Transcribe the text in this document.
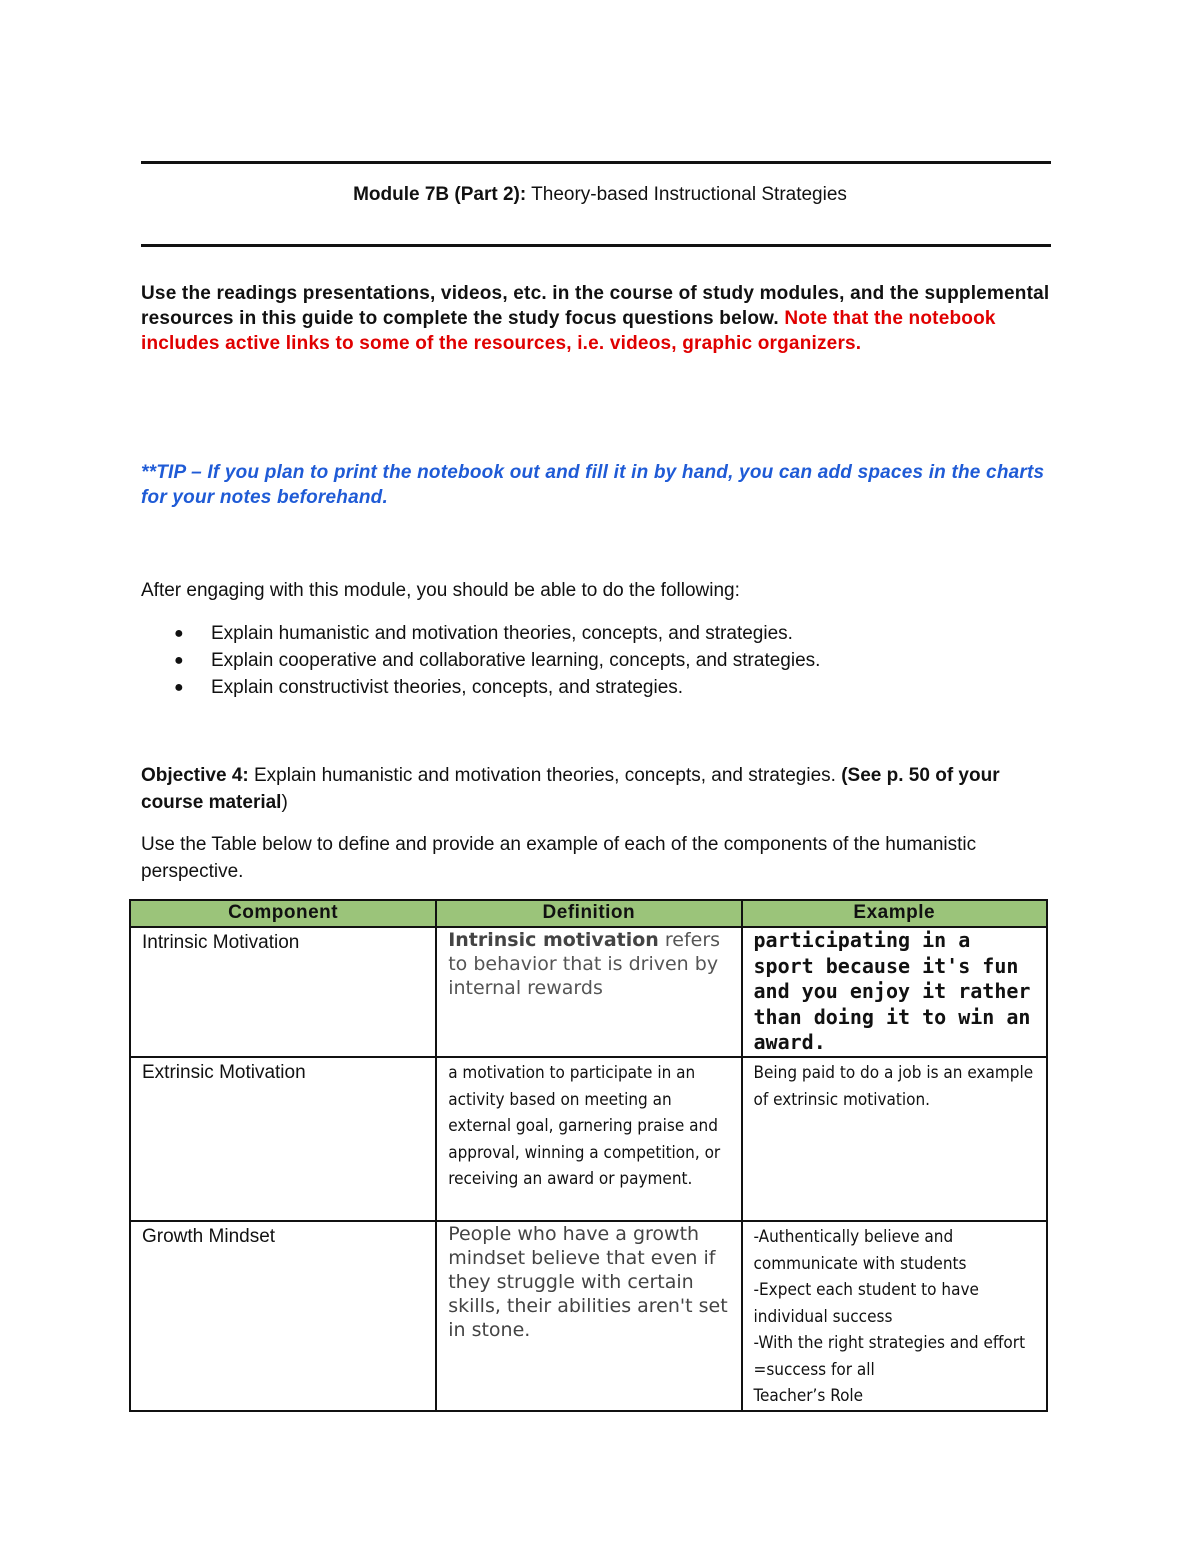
Module 7B (Part 2): Theory-based Instructional Strategies
Use the readings presentations, videos, etc. in the course of study modules, and the supplemental resources in this guide to complete the study focus questions below. Note that the notebook includes active links to some of the resources, i.e. videos, graphic organizers.
**TIP – If you plan to print the notebook out and fill it in by hand, you can add spaces in the charts for your notes beforehand.
After engaging with this module, you should be able to do the following:
● Explain humanistic and motivation theories, concepts, and strategies.
● Explain cooperative and collaborative learning, concepts, and strategies.
● Explain constructivist theories, concepts, and strategies.
Objective 4: Explain humanistic and motivation theories, concepts, and strategies. (See p. 50 of your course material)
Use the Table below to define and provide an example of each of the components of the humanistic perspective.
Component	Definition	Example
Intrinsic Motivation	Intrinsic motivation refers to behavior that is driven by internal rewards	participating in a sport because it's fun and you enjoy it rather than doing it to win an award.
Extrinsic Motivation	a motivation to participate in an activity based on meeting an external goal, garnering praise and approval, winning a competition, or receiving an award or payment.	Being paid to do a job is an example of extrinsic motivation.
Growth Mindset	People who have a growth mindset believe that even if they struggle with certain skills, their abilities aren't set in stone.	-Authentically believe and communicate with students
-Expect each student to have individual success
-With the right strategies and effort =success for all
Teacher’s Role
